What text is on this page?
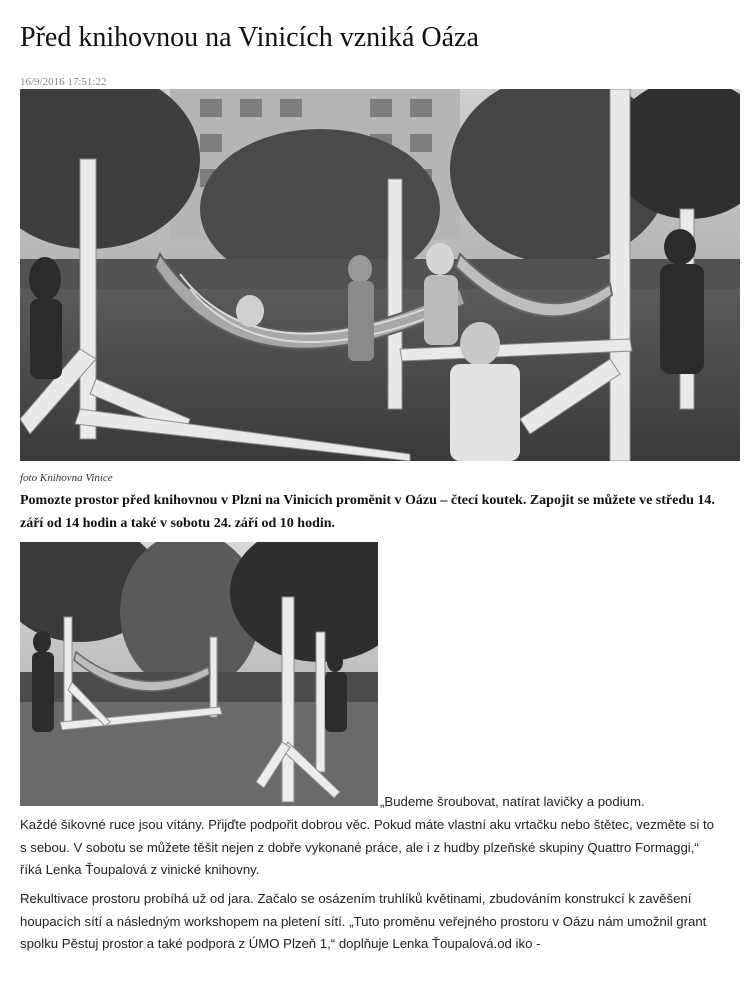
Před knihovnou na Vinicích vzniká Oáza
16/9/2016 17:51:22
foto Knihovna Vinice

Pomozte prostor před knihovnou v Plzni na Vinicích proměnit v Oázu – čtecí koutek. Zapojit se můžete ve středu 14. září od 14 hodin a také v sobotu 24. září od 10 hodin.

„Budeme šroubovat, natírat lavičky a podium.

Každé šikovné ruce jsou vítány. Přijďte podpořit dobrou věc. Pokud máte vlastní aku vrtačku nebo štětec, vezměte si to s sebou. V sobotu se můžete těšit nejen z dobře vykonané práce, ale i z hudby plzeňské skupiny Quattro Formaggi,“ říká Lenka Ťoupalová z vinické knihovny.

Rekultivace prostoru probíhá už od jara. Začalo se osázením truhlíků květinami, zbudováním konstrukcí k zavěšení houpacích sítí a následným workshopem na pletení sítí. „Tuto proměnu veřejného prostoru v Oázu nám umožnil grant spolku Pěstuj prostor a také podpora z ÚMO Plzeň 1,“ doplňuje Lenka Ťoupalová.od iko -
